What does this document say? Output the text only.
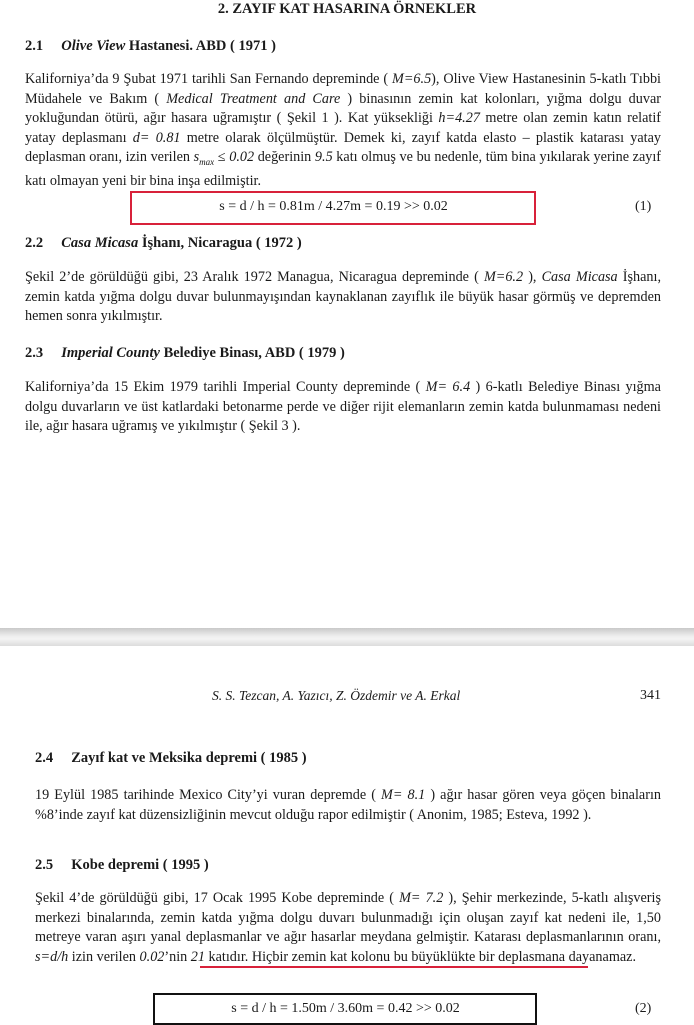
2. ZAYIF KAT HASARINA ÖRNEKLER
2.1 Olive View Hastanesi. ABD ( 1971 )

Kaliforniya’da 9 Şubat 1971 tarihli San Fernando depreminde ( M=6.5), Olive View Hastanesinin 5-katlı Tıbbi Müdahele ve Bakım ( Medical Treatment and Care ) binasının zemin kat kolonları, yığma dolgu duvar yokluğundan ötürü, ağır hasara uğramıştır ( Şekil 1 ). Kat yüksekliği h=4.27 metre olan zemin katın relatif yatay deplasmanı d= 0.81 metre olarak ölçülmüştür. Demek ki, zayıf katda elasto – plastik katarası yatay deplasman oranı, izin verilen $s_{max} \le 0.02$ değerinin 9.5 katı olmuş ve bu nedenle, tüm bina yıkılarak yerine zayıf katı olmayan yeni bir bina inşa edilmiştir.

s = d / h = 0.81m / 4.27m = 0.19 >> 0.02	(1)
2.2 Casa Micasa İşhanı, Nicaragua ( 1972 )

Şekil 2’de görüldüğü gibi, 23 Aralık 1972 Managua, Nicaragua depreminde ( M=6.2 ), Casa Micasa İşhanı, zemin katda yığma dolgu duvar bulunmayışından kaynaklanan zayıflık ile büyük hasar görmüş ve depremden hemen sonra yıkılmıştır.

2.3 Imperial County Belediye Binası, ABD ( 1979 )

Kaliforniya’da 15 Ekim 1979 tarihli Imperial County depreminde ( M= 6.4 ) 6-katlı Belediye Binası yığma dolgu duvarların ve üst katlardaki betonarme perde ve diğer rijit elemanların zemin katda bulunmaması nedeni ile, ağır hasara uğramış ve yıkılmıştır ( Şekil 3 ).

S. S. Tezcan, A. Yazıcı, Z. Özdemir ve A. Erkal	341
2.4 Zayıf kat ve Meksika depremi ( 1985 )

19 Eylül 1985 tarihinde Mexico City’yi vuran depremde ( M= 8.1 ) ağır hasar gören veya göçen binaların %8’inde zayıf kat düzensizliğinin mevcut olduğu rapor edilmiştir ( Anonim, 1985; Esteva, 1992 ).

2.5 Kobe depremi ( 1995 )

Şekil 4’de görüldüğü gibi, 17 Ocak 1995 Kobe depreminde ( M= 7.2 ), Şehir merkezinde, 5-katlı alışveriş merkezi binalarında, zemin katda yığma dolgu duvarı bulunmadığı için oluşan zayıf kat nedeni ile, 1,50 metreye varan aşırı yanal deplasmanlar ve ağır hasarlar meydana gelmiştir. Katarası deplasmanlarının oranı, s=d/h izin verilen 0.02’nin 21 katıdır. Hiçbir zemin kat kolonu bu büyüklükte bir deplasmana dayanamaz.

s = d / h = 1.50m / 3.60m = 0.42 >> 0.02	(2)
